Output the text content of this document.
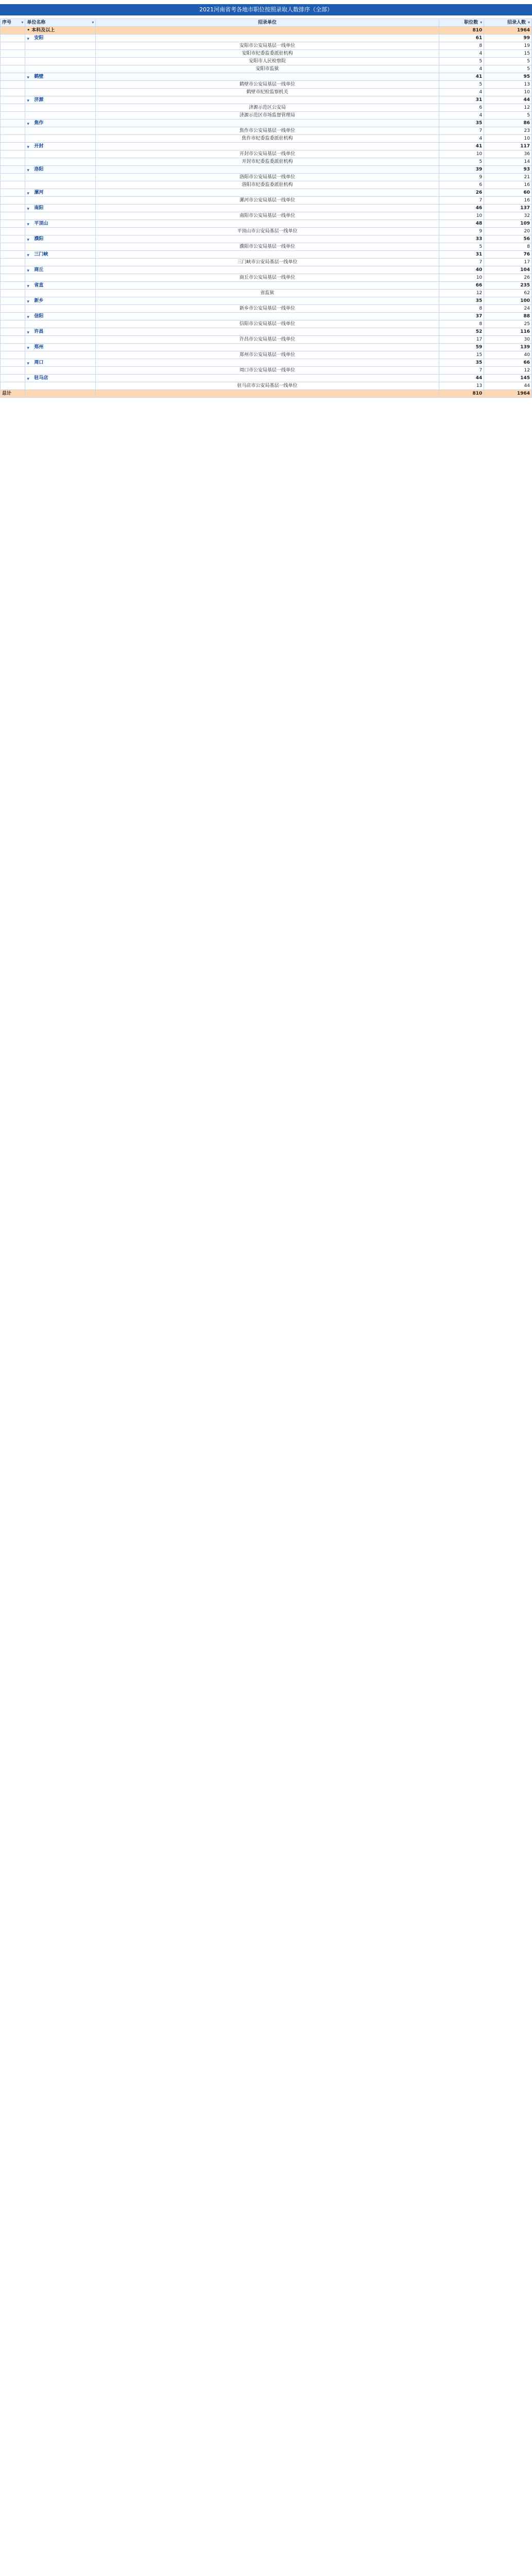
2021河南省考各地市职位按照录取人数排序（全部）
序号 ▾	单位名称 ▾	招录单位	职位数 ▾	招录人数 ▾

	• 本科及以上		810	1964
	▾安阳		61	99
		安阳市公安局基层一线单位	8	19
		安阳市纪委监委派驻机构	4	15
		安阳市人民检察院	5	5
		安阳市监狱	4	5
	▾鹤壁		41	95
		鹤壁市公安局基层一线单位	5	13
		鹤壁市纪检监察机关	4	10
	▾济源		31	44
		济源示范区公安局	6	12
		济源示范区市场监督管理局	4	5
	▾焦作		35	86
		焦作市公安局基层一线单位	7	23
		焦作市纪委监委派驻机构	4	10
	▾开封		41	117
		开封市公安局基层一线单位	10	36
		开封市纪委监委派驻机构	5	14
	▾洛阳		39	93
		洛阳市公安局基层一线单位	9	21
		洛阳市纪委监委派驻机构	6	16
	▾漯河		26	60
		漯河市公安局基层一线单位	7	16
	▾南阳		46	137
		南阳市公安局基层一线单位	10	32
	▾平顶山		48	109
		平顶山市公安局基层一线单位	9	20
	▾濮阳		33	56
		濮阳市公安局基层一线单位	5	8
	▾三门峡		31	76
		三门峡市公安局基层一线单位	7	17
	▾商丘		40	104
		商丘市公安局基层一线单位	10	26
	▾省直		66	235
		省监狱	12	62
	▾新乡		35	100
		新乡市公安局基层一线单位	8	24
	▾信阳		37	88
		信阳市公安局基层一线单位	8	25
	▾许昌		52	116
		许昌市公安局基层一线单位	17	30
	▾郑州		59	139
		郑州市公安局基层一线单位	15	40
	▾周口		35	66
		周口市公安局基层一线单位	7	12
	▾驻马店		44	145
		驻马店市公安局基层一线单位	13	44
总计			810	1964
